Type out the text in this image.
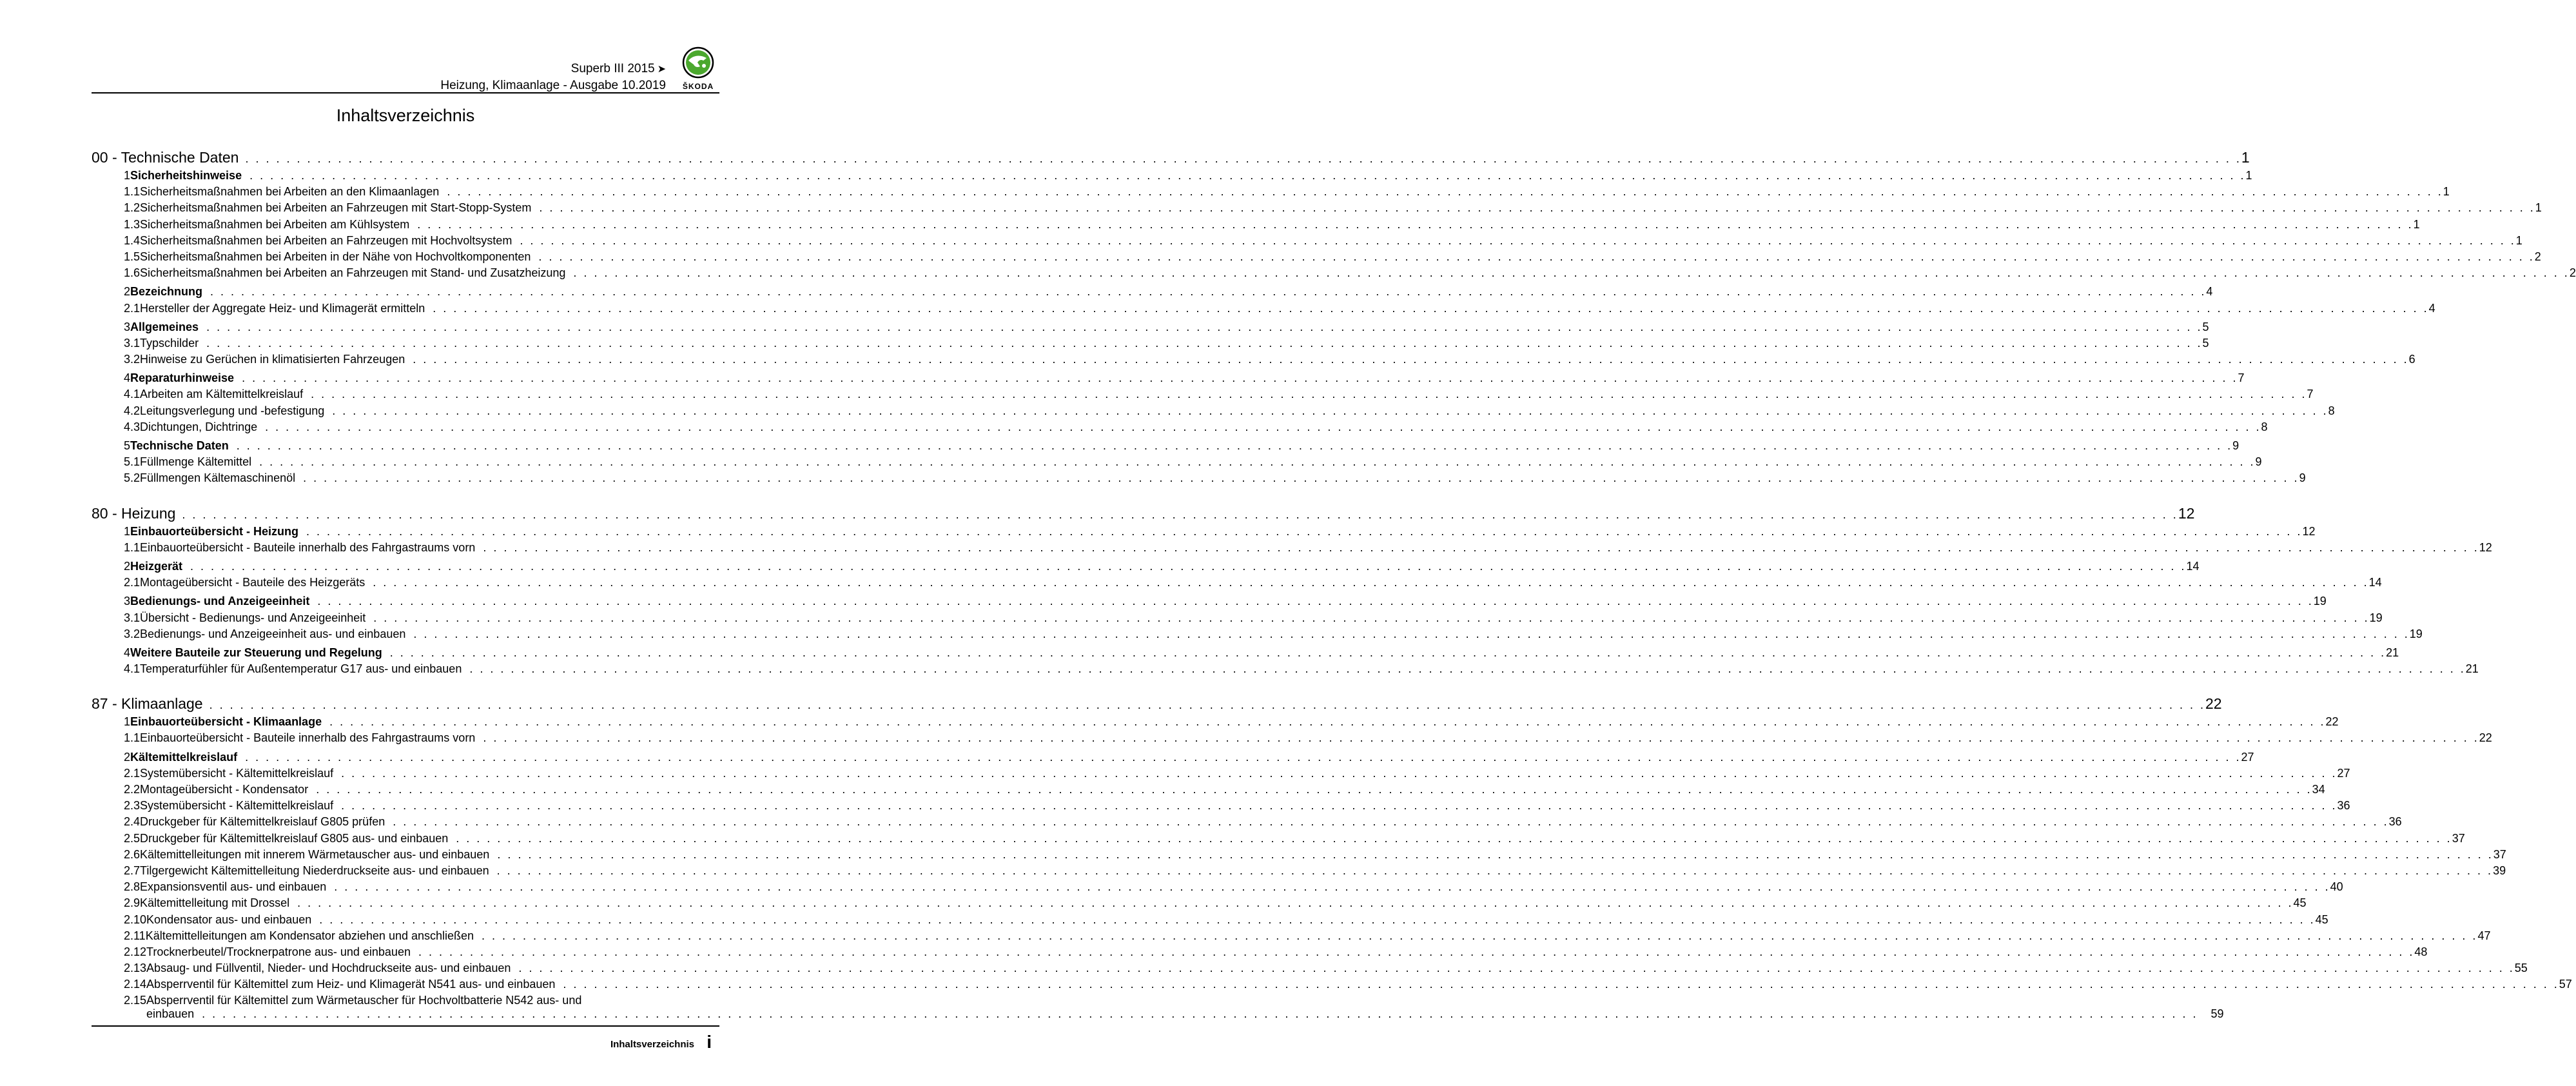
Superb III 2015 ➤
Heizung, Klimaanlage - Ausgabe 10.2019	ŠKODA
Inhaltsverzeichnis
00 - Technische Daten . . .	1
1 Sicherheitshinweise . . .	1
1.1 Sicherheitsmaßnahmen bei Arbeiten an den Klimaanlagen . . .	1
1.2 Sicherheitsmaßnahmen bei Arbeiten an Fahrzeugen mit Start-Stopp-System . . .	1
1.3 Sicherheitsmaßnahmen bei Arbeiten am Kühlsystem . . .	1
1.4 Sicherheitsmaßnahmen bei Arbeiten an Fahrzeugen mit Hochvoltsystem . . .	1
1.5 Sicherheitsmaßnahmen bei Arbeiten in der Nähe von Hochvoltkomponenten . . .	2
1.6 Sicherheitsmaßnahmen bei Arbeiten an Fahrzeugen mit Stand- und Zusatzheizung . . .	2
2 Bezeichnung . . .	4
2.1 Hersteller der Aggregate Heiz- und Klimagerät ermitteln . . .	4
3 Allgemeines . . .	5
3.1 Typschilder . . .	5
3.2 Hinweise zu Gerüchen in klimatisierten Fahrzeugen . . .	6
4 Reparaturhinweise . . .	7
4.1 Arbeiten am Kältemittelkreislauf . . .	7
4.2 Leitungsverlegung und -befestigung . . .	8
4.3 Dichtungen, Dichtringe . . .	8
5 Technische Daten . . .	9
5.1 Füllmenge Kältemittel . . .	9
5.2 Füllmengen Kältemaschinenöl . . .	9
80 - Heizung . . .	12
1 Einbauorteübersicht - Heizung . . .	12
1.1 Einbauorteübersicht - Bauteile innerhalb des Fahrgastraums vorn . . .	12
2 Heizgerät . . .	14
2.1 Montageübersicht - Bauteile des Heizgeräts . . .	14
3 Bedienungs- und Anzeigeeinheit . . .	19
3.1 Übersicht - Bedienungs- und Anzeigeeinheit . . .	19
3.2 Bedienungs- und Anzeigeeinheit aus- und einbauen . . .	19
4 Weitere Bauteile zur Steuerung und Regelung . . .	21
4.1 Temperaturfühler für Außentemperatur G17 aus- und einbauen . . .	21
87 - Klimaanlage . . .	22
1 Einbauorteübersicht - Klimaanlage . . .	22
1.1 Einbauorteübersicht - Bauteile innerhalb des Fahrgastraums vorn . . .	22
2 Kältemittelkreislauf . . .	27
2.1 Systemübersicht - Kältemittelkreislauf . . .	27
2.2 Montageübersicht - Kondensator . . .	34
2.3 Systemübersicht - Kältemittelkreislauf . . .	36
2.4 Druckgeber für Kältemittelkreislauf G805 prüfen . . .	36
2.5 Druckgeber für Kältemittelkreislauf G805 aus- und einbauen . . .	37
2.6 Kältemittelleitungen mit innerem Wärmetauscher aus- und einbauen . . .	37
2.7 Tilgergewicht Kältemittelleitung Niederdruckseite aus- und einbauen . . .	39
2.8 Expansionsventil aus- und einbauen . . .	40
2.9 Kältemittelleitung mit Drossel . . .	45
2.10 Kondensator aus- und einbauen . . .	45
2.11 Kältemittelleitungen am Kondensator abziehen und anschließen . . .	47
2.12 Trocknerbeutel/Trocknerpatrone aus- und einbauen . . .	48
2.13 Absaug- und Füllventil, Nieder- und Hochdruckseite aus- und einbauen . . .	55
2.14 Absperrventil für Kältemittel zum Heiz- und Klimagerät N541 aus- und einbauen . . .	57
2.15 Absperrventil für Kältemittel zum Wärmetauscher für Hochvoltbatterie N542 aus- und
einbauen . . .	59
Inhaltsverzeichnis i
